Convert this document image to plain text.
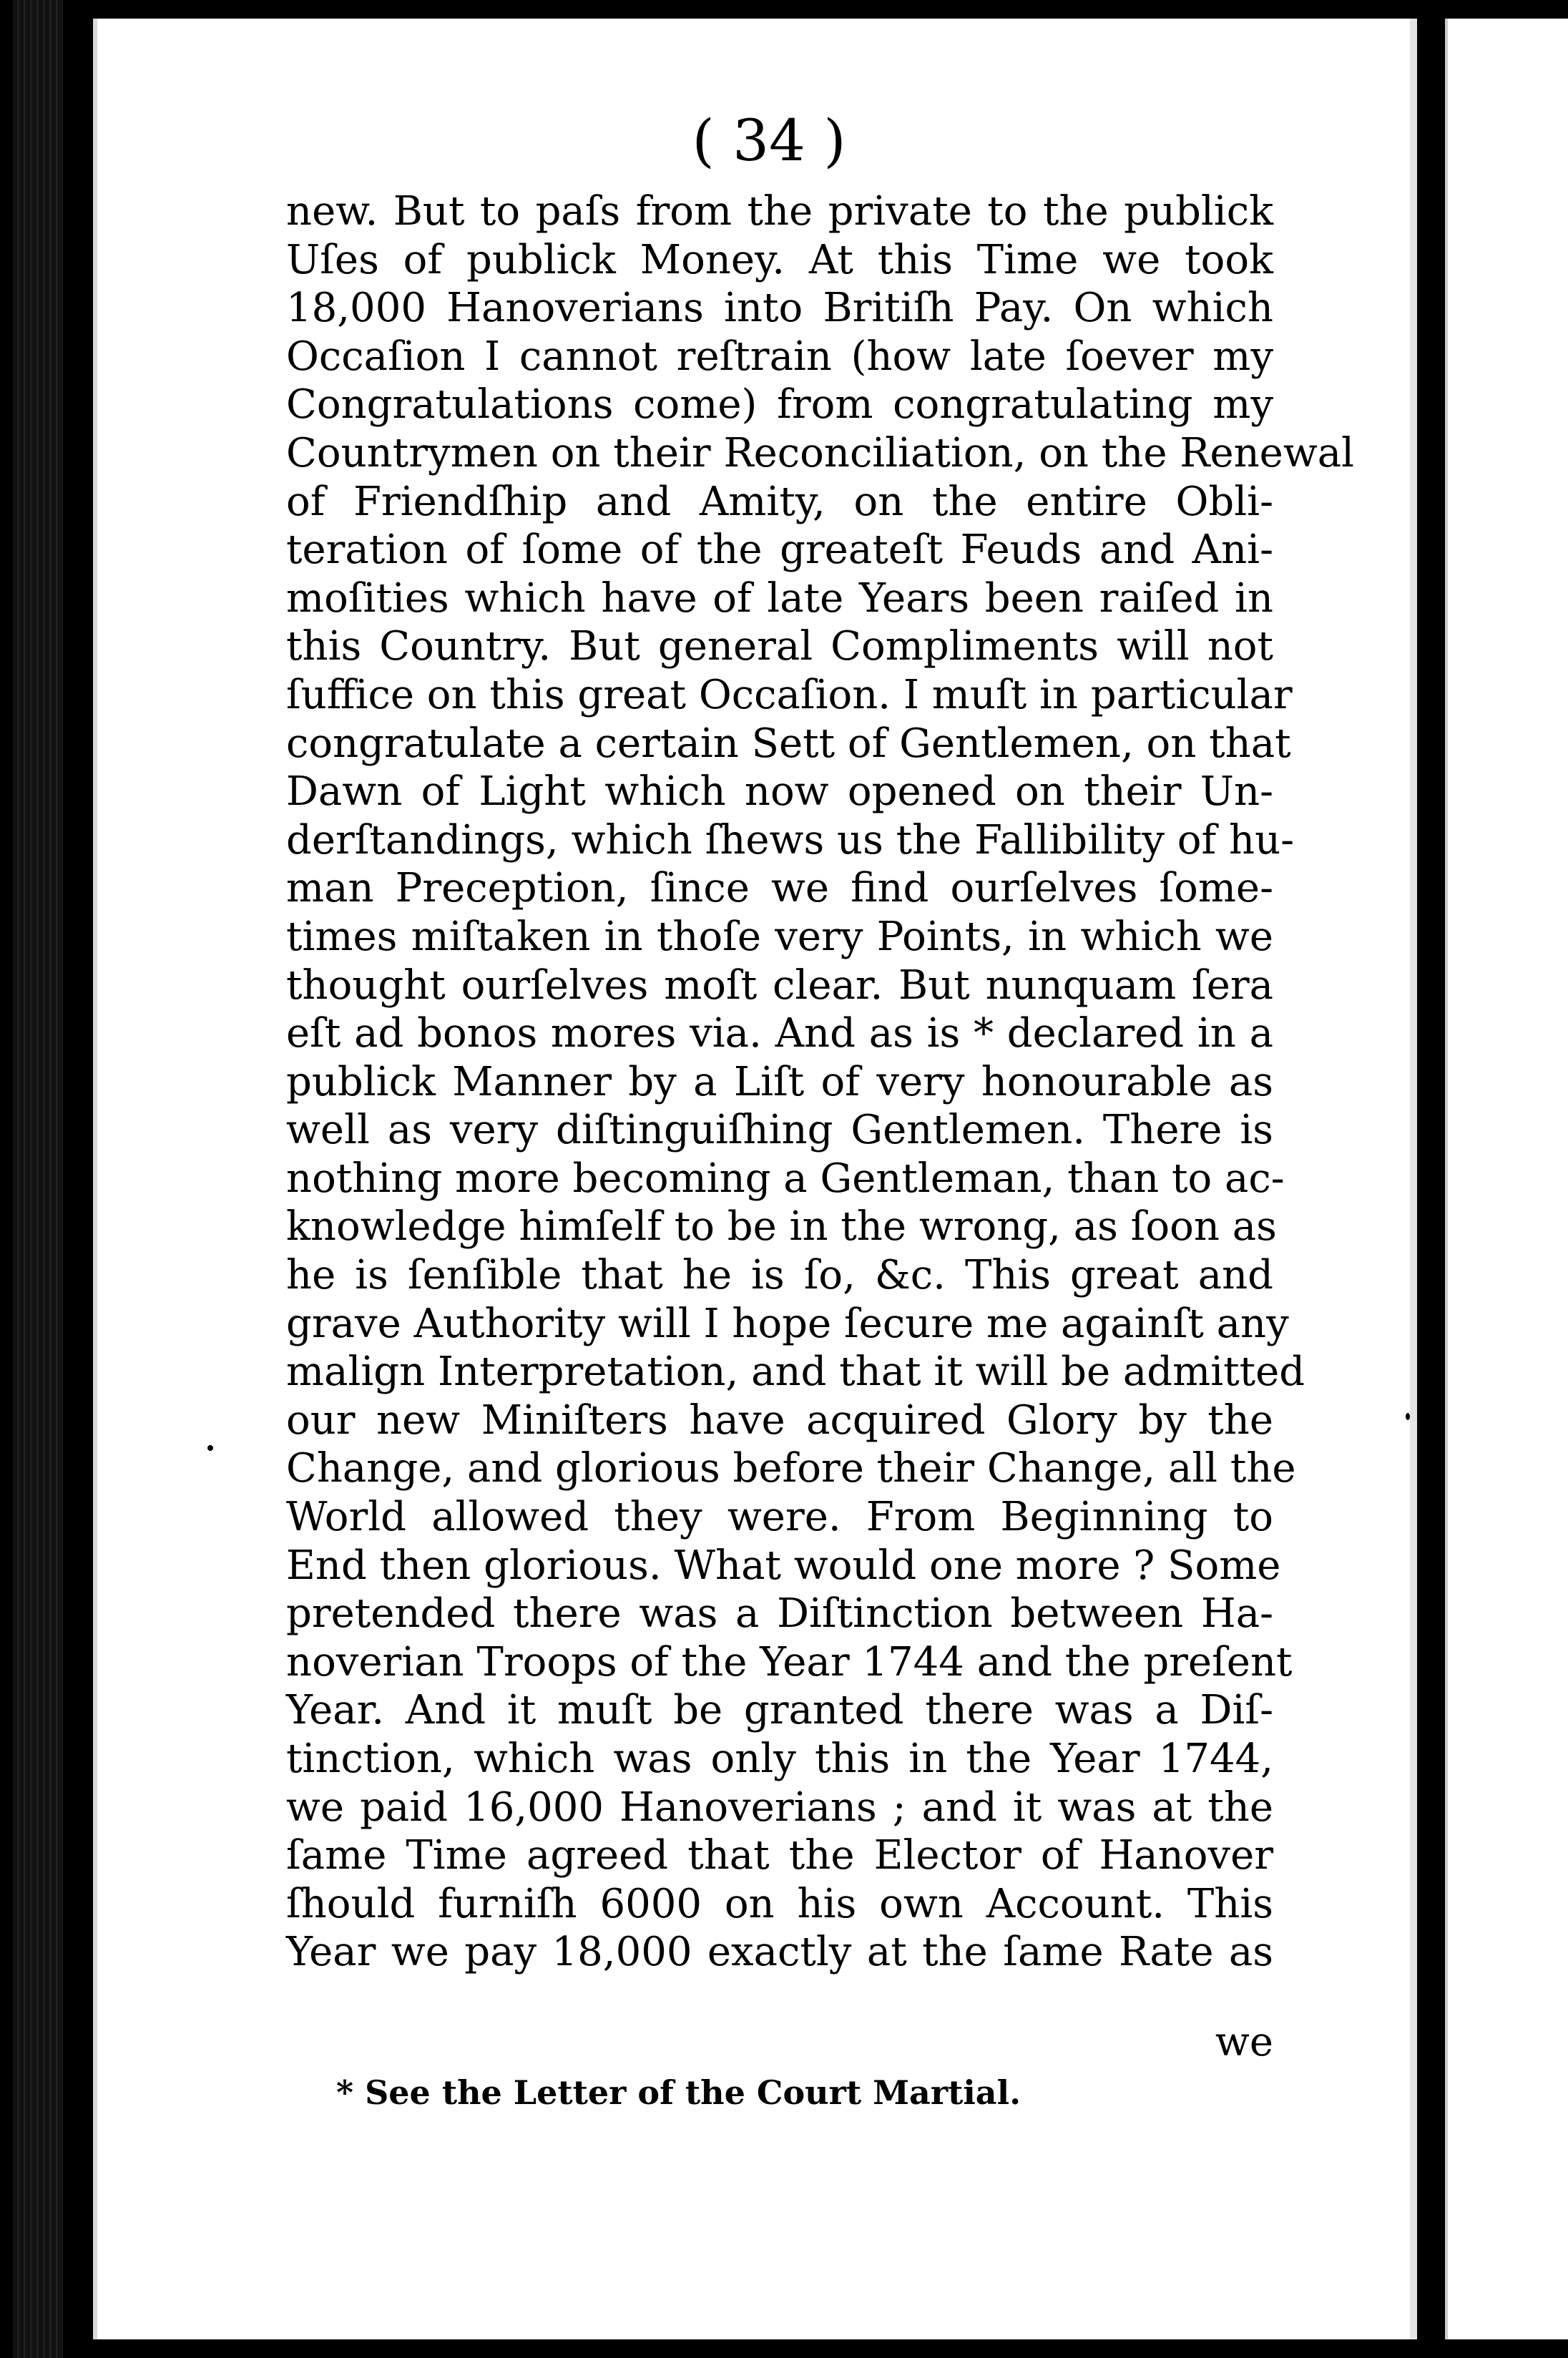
( 34 )
new. But to paſs from the private to the publick
Uſes of publick Money. At this Time we took
18,000 Hanoverians into Britiſh Pay. On which
Occaſion I cannot reſtrain (how late ſoever my
Congratulations come) from congratulating my
Countrymen on their Reconciliation, on the Renewal
of Friendſhip and Amity, on the entire Obli-
teration of ſome of the greateſt Feuds and Ani-
moſities which have of late Years been raiſed in
this Country. But general Compliments will not
ſuffice on this great Occaſion. I muſt in particular
congratulate a certain Sett of Gentlemen, on that
Dawn of Light which now opened on their Un-
derſtandings, which ſhews us the Fallibility of hu-
man Preception, ſince we find ourſelves ſome-
times miſtaken in thoſe very Points, in which we
thought ourſelves moſt clear. But nunquam ſera
eſt ad bonos mores via. And as is * declared in a
publick Manner by a Liſt of very honourable as
well as very diſtinguiſhing Gentlemen. There is
nothing more becoming a Gentleman, than to ac-
knowledge himſelf to be in the wrong, as ſoon as
he is ſenſible that he is ſo, &c. This great and
grave Authority will I hope ſecure me againſt any
malign Interpretation, and that it will be admitted
our new Miniſters have acquired Glory by the
Change, and glorious before their Change, all the
World allowed they were. From Beginning to
End then glorious. What would one more ? Some
pretended there was a Diſtinction between Ha-
noverian Troops of the Year 1744 and the preſent
Year. And it muſt be granted there was a Diſ-
tinction, which was only this in the Year 1744,
we paid 16,000 Hanoverians ; and it was at the
ſame Time agreed that the Elector of Hanover
ſhould furniſh 6000 on his own Account. This
Year we pay 18,000 exactly at the ſame Rate as
we
* See the Letter of the Court Martial.
